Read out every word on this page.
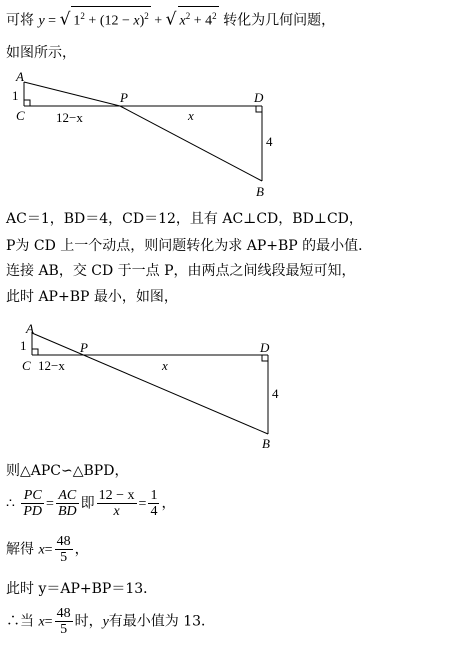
可将 y = √ $1^2 + (12 - x)^2$ + √ $x^2 + 4^2$ 转化为几何问题，
如图所示，
A
1
C
P	D
12−x	x
4
B
AC＝1，BD＝4，CD＝12，且有 AC⊥CD，BD⊥CD，
P为 CD 上一个动点，则问题转化为求 AP+BP 的最小值．
连接 AB，交 CD 于一点 P，由两点之间线段最短可知，
此时 AP+BP 最小，如图，
A
1
C
P	D
12−x	x
4
B
则△APC∽△BPD，
∴ $\frac{PC}{PD} = \frac{AC}{BD}$ 即 $\frac{12 - x}{x} = \frac{1}{4}$ ，
解得 $x= \frac{48}{5}$ ，
此时 y＝AP+BP＝13．
∴当 $x= \frac{48}{5}$ 时，y有最小值为 13．
